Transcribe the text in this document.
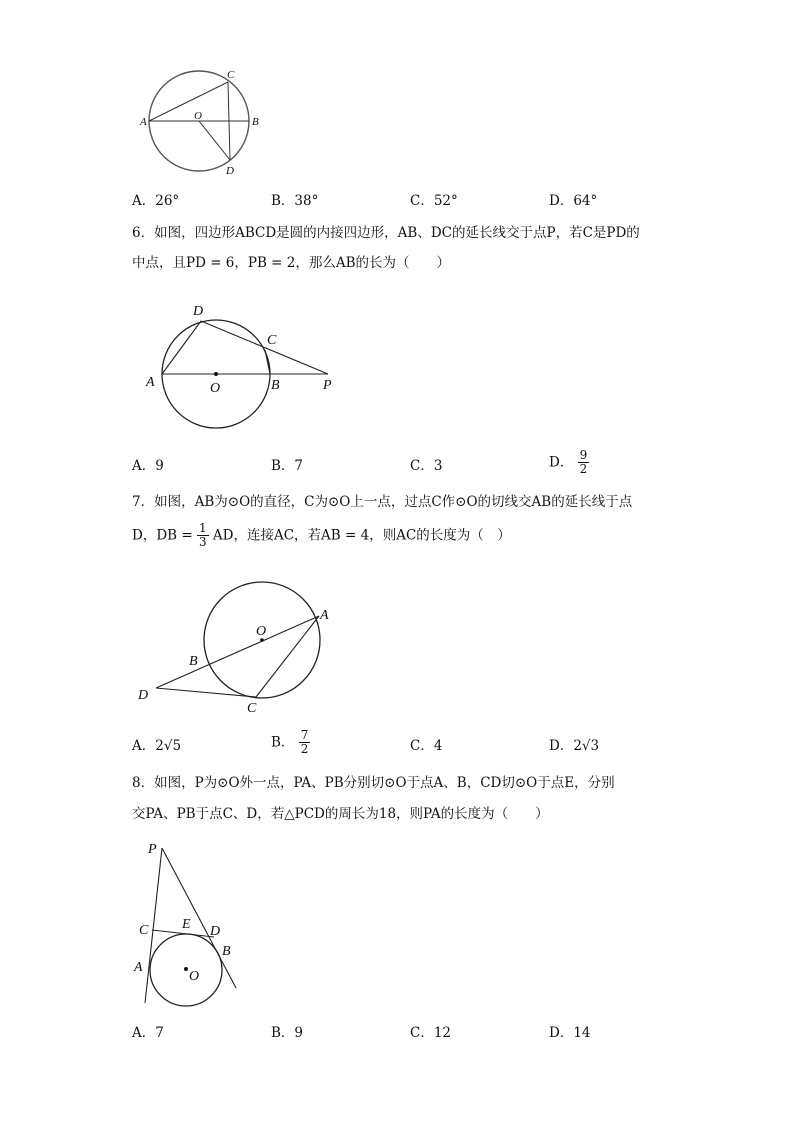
A	B
C
D
O
A．26°	B．38°	C．52°	D．64°
6．如图，四边形ABCD是圆的内接四边形，AB、DC的延长线交于点P，若C是PD的
中点，且PD = 6，PB = 2，那么AB的长为（　　）
A
D
C
O	B	P
A．9	B．7	C．3	D． $\frac{9}{2}$
7．如图，AB为⊙O的直径，C为⊙O上一点，过点C作⊙O的切线交AB的延长线于点
D，DB = $\frac{1}{3}$ AD，连接AC，若AB = 4，则AC的长度为（　）
A
O
B
D
C
A．2√5	B． $\frac{7}{2}$	C．4	D．2√3
8．如图，P为⊙O外一点，PA、PB分别切⊙O于点A、B，CD切⊙O于点E，分别
交PA、PB于点C、D，若△PCD的周长为18，则PA的长度为（　　）
P
C E D
B
A
O
A．7	B．9	C．12	D．14
